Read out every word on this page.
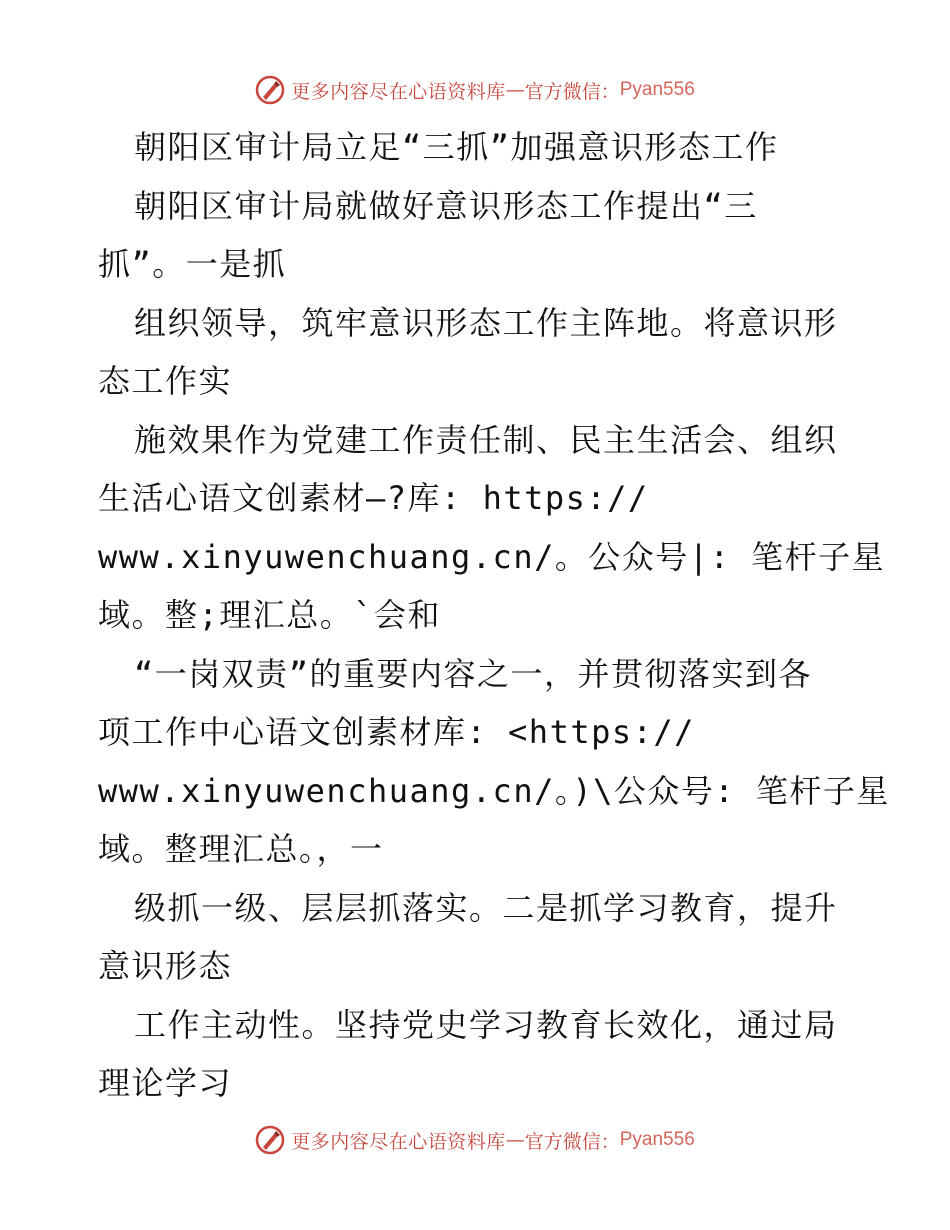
更多内容尽在心语资料库 — 官方微信： Pyan556
朝阳区审计局立足“三抓”加强意识形态工作
朝阳区审计局就做好意识形态工作提出“三
抓”。一是抓
组织领导，筑牢意识形态工作主阵地。将意识形
态工作实
施效果作为党建工作责任制、民主生活会、组织
生活心语文创素材—?库: https://
www.xinyuwenchuang.cn/。公众号|: 笔杆子星
域。整;理汇总。`会和
“一岗双责”的重要内容之一，并贯彻落实到各
项工作中心语文创素材库: <https://
www.xinyuwenchuang.cn/。)\公众号: 笔杆子星
域。整理汇总。，一
级抓一级、层层抓落实。二是抓学习教育，提升
意识形态
工作主动性。坚持党史学习教育长效化，通过局
理论学习
更多内容尽在心语资料库 — 官方微信： Pyan556
